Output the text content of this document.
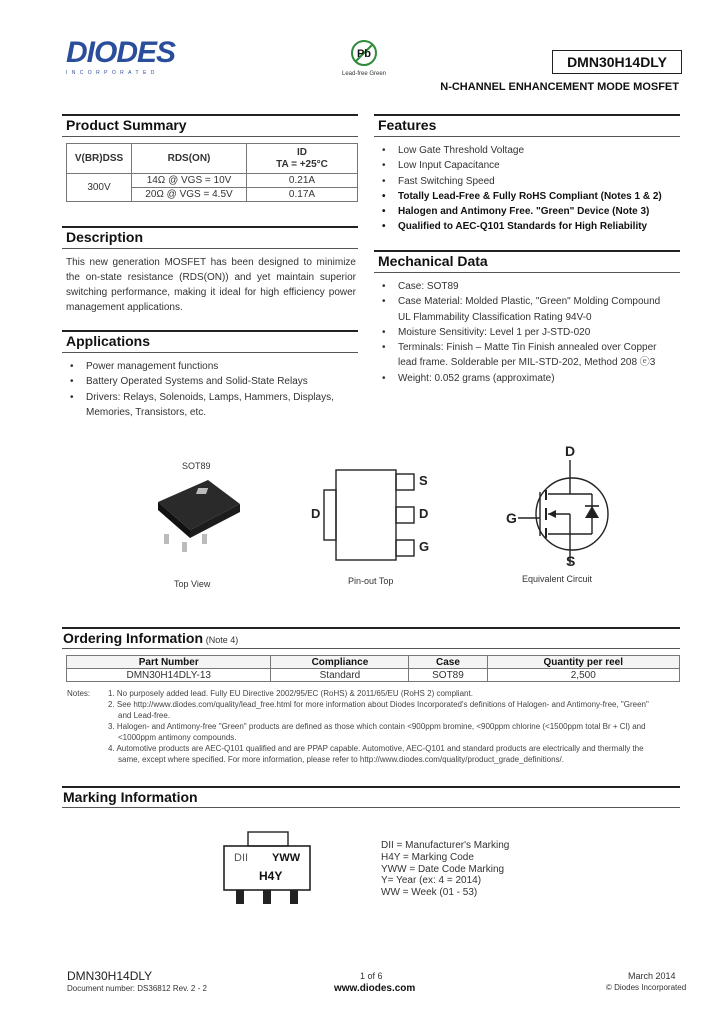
DIODES
INCORPORATED
Pb
Lead-free Green
DMN30H14DLY
N-CHANNEL ENHANCEMENT MODE MOSFET
Product Summary
V(BR)DSS	RDS(ON)	ID
TA = +25°C

300V	14Ω @ VGS = 10V	0.21A
	20Ω @ VGS = 4.5V	0.17A
Description
This new generation MOSFET has been designed to minimize the on-state resistance (RDS(ON)) and yet maintain superior switching performance, making it ideal for high efficiency power management applications.
Applications
• Power management functions
• Battery Operated Systems and Solid-State Relays
• Drivers: Relays, Solenoids, Lamps, Hammers, Displays, Memories, Transistors, etc.
Features
• Low Gate Threshold Voltage
• Low Input Capacitance
• Fast Switching Speed
• Totally Lead-Free & Fully RoHS Compliant (Notes 1 & 2)
• Halogen and Antimony Free. "Green" Device (Note 3)
• Qualified to AEC-Q101 Standards for High Reliability
Mechanical Data
• Case: SOT89
• Case Material: Molded Plastic, "Green" Molding Compound UL Flammability Classification Rating 94V-0
• Moisture Sensitivity: Level 1 per J-STD-020
• Terminals: Finish – Matte Tin Finish annealed over Copper lead frame. Solderable per MIL-STD-202, Method 208 ⓔ3
• Weight: 0.052 grams (approximate)
SOT89
Top View
D
S
D
G
Pin-out Top
D
G
S
Equivalent Circuit
Ordering Information (Note 4)
Part Number	Compliance	Case	Quantity per reel
DMN30H14DLY-13	Standard	SOT89	2,500
Notes: 1. No purposely added lead. Fully EU Directive 2002/95/EC (RoHS) & 2011/65/EU (RoHS 2) compliant.
2. See http://www.diodes.com/quality/lead_free.html for more information about Diodes Incorporated's definitions of Halogen- and Antimony-free, "Green"
and Lead-free.
3. Halogen- and Antimony-free "Green" products are defined as those which contain <900ppm bromine, <900ppm chlorine (<1500ppm total Br + Cl) and
<1000ppm antimony compounds.
4. Automotive products are AEC-Q101 qualified and are PPAP capable. Automotive, AEC-Q101 and standard products are electrically and thermally the
same, except where specified. For more information, please refer to http://www.diodes.com/quality/product_grade_definitions/.
Marking Information
DII YWW
H4Y
DII = Manufacturer's Marking
H4Y = Marking Code
YWW = Date Code Marking
Y= Year (ex: 4 = 2014)
WW = Week (01 - 53)
DMN30H14DLY
Document number: DS36812 Rev. 2 - 2
1 of 6
www.diodes.com
March 2014
© Diodes Incorporated
